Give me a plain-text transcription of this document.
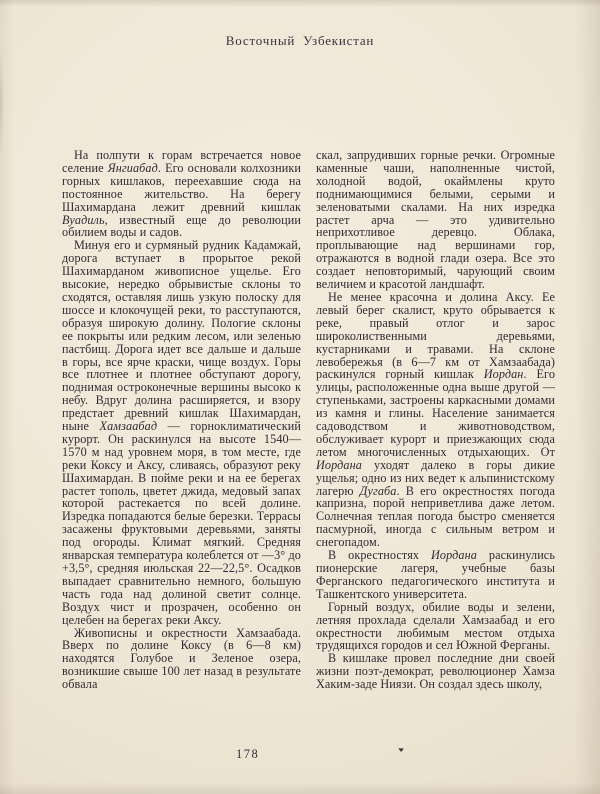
Восточный Узбекистан

На полпути к горам встречается новое селение Янгиабад. Его основали колхозники горных кишлаков, переехавшие сюда на постоянное жительство. На берегу Шахимардана лежит древний кишлак Вуадиль, известный еще до революции обилием воды и садов.

Минуя его и сурмяный рудник Кадамжай, дорога вступает в прорытое рекой Шахимарданом живописное ущелье. Его высокие, нередко обрывистые склоны то сходятся, оставляя лишь узкую полоску для шоссе и клокочущей реки, то расступаются, образуя широкую долину. Пологие склоны ее покрыты или редким лесом, или зеленью пастбищ. Дорога идет все дальше и дальше в горы, все ярче краски, чище воздух. Горы все плотнее и плотнее обступают дорогу, поднимая остроконечные вершины высоко к небу. Вдруг долина расширяется, и взору предстает древний кишлак Шахимардан, ныне Хамзаабад — горноклиматический курорт. Он раскинулся на высоте 1540—1570 м над уровнем моря, в том месте, где реки Коксу и Аксу, сливаясь, образуют реку Шахимардан. В пойме реки и на ее берегах растет тополь, цветет джида, медовый запах которой растекается по всей долине. Изредка попадаются белые березки. Террасы засажены фруктовыми деревьями, заняты под огороды. Климат мягкий. Средняя январская температура колеблется от —3° до +3,5°, средняя июльская 22—22,5°. Осадков выпадает сравнительно немного, большую часть года над долиной светит солнце. Воздух чист и прозрачен, особенно он целебен на берегах реки Аксу.

Живописны и окрестности Хамзаабада. Вверх по долине Коксу (в 6—8 км) находятся Голубое и Зеленое озера, возникшие свыше 100 лет назад в результате обвала

скал, запрудивших горные речки. Огромные каменные чаши, наполненные чистой, холодной водой, окаймлены круто поднимающимися белыми, серыми и зеленоватыми скалами. На них изредка растет арча — это удивительно неприхотливое деревцо. Облака, проплывающие над вершинами гор, отражаются в водной глади озера. Все это создает неповторимый, чарующий своим величием и красотой ландшафт.

Не менее красочна и долина Аксу. Ее левый берег скалист, круто обрывается к реке, правый отлог и зарос широколиственными деревьями, кустарниками и травами. На склоне левобережья (в 6—7 км от Хамзаабада) раскинулся горный кишлак Иордан. Его улицы, расположенные одна выше другой — ступеньками, застроены каркасными домами из камня и глины. Население занимается садоводством и животноводством, обслуживает курорт и приезжающих сюда летом многочисленных отдыхающих. От Иордана уходят далеко в горы дикие ущелья; одно из них ведет к альпинистскому лагерю Дугаба. В его окрестностях погода капризна, порой неприветлива даже летом. Солнечная теплая погода быстро сменяется пасмурной, иногда с сильным ветром и снегопадом.

В окрестностях Иордана раскинулись пионерские лагеря, учебные базы Ферганского педагогического института и Ташкентского университета.

Горный воздух, обилие воды и зелени, летняя прохлада сделали Хамзаабад и его окрестности любимым местом отдыха трудящихся городов и сел Южной Ферганы.

В кишлаке провел последние дни своей жизни поэт-демократ, революционер Хамза Хаким-заде Ниязи. Он создал здесь школу,

178
